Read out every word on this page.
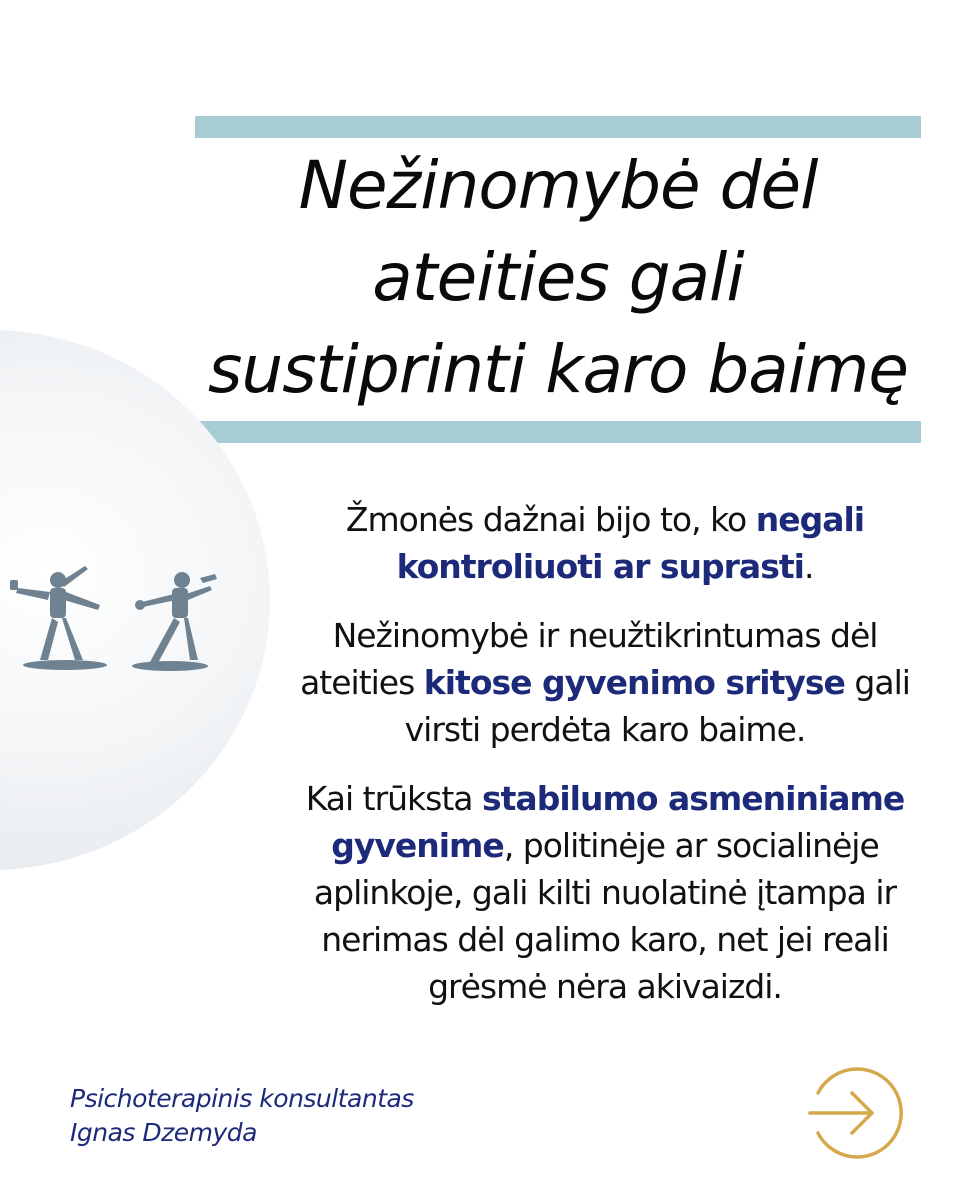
Nežinomybė dėl
ateities gali
sustiprinti karo baimę

Žmonės dažnai bijo to, ko negali kontroliuoti ar suprasti.

Nežinomybė ir neužtikrintumas dėl ateities kitose gyvenimo srityse gali virsti perdėta karo baime.

Kai trūksta stabilumo asmeniniame gyvenime, politinėje ar socialinėje aplinkoje, gali kilti nuolatinė įtampa ir nerimas dėl galimo karo, net jei reali grėsmė nėra akivaizdi.

Psichoterapinis konsultantas
Ignas Dzemyda
